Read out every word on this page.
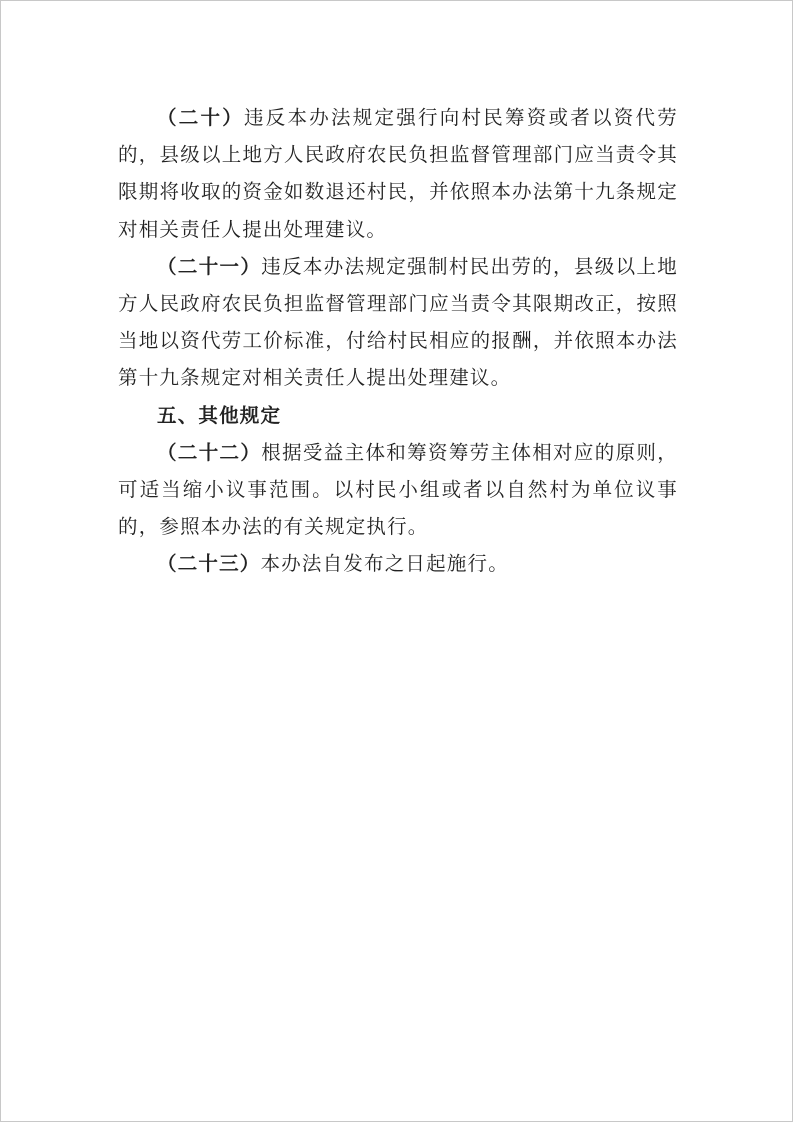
（二十）违反本办法规定强行向村民筹资或者以资代劳的，县级以上地方人民政府农民负担监督管理部门应当责令其限期将收取的资金如数退还村民，并依照本办法第十九条规定对相关责任人提出处理建议。

（二十一）违反本办法规定强制村民出劳的，县级以上地方人民政府农民负担监督管理部门应当责令其限期改正，按照当地以资代劳工价标准，付给村民相应的报酬，并依照本办法第十九条规定对相关责任人提出处理建议。

五、其他规定

（二十二）根据受益主体和筹资筹劳主体相对应的原则，可适当缩小议事范围。以村民小组或者以自然村为单位议事的，参照本办法的有关规定执行。

（二十三）本办法自发布之日起施行。
